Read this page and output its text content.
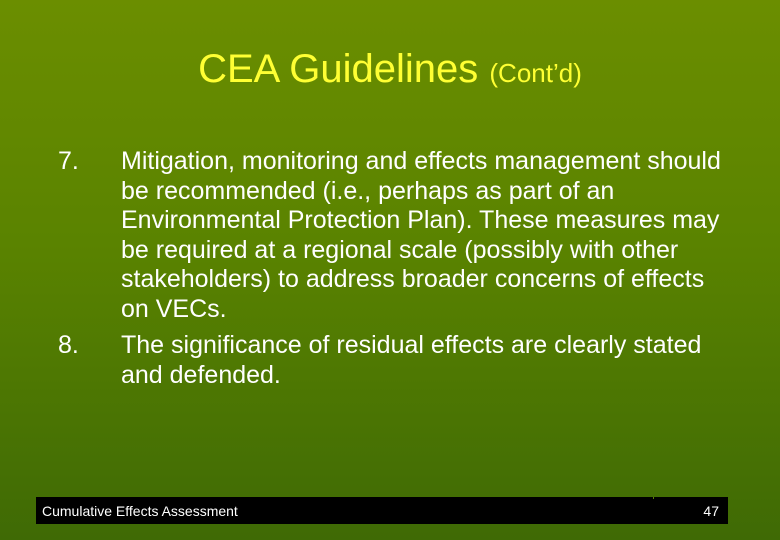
CEA Guidelines (Cont’d)
7.	Mitigation, monitoring and effects management should be recommended (i.e., perhaps as part of an Environmental Protection Plan). These measures may be required at a regional scale (possibly with other stakeholders) to address broader concerns of effects on VECs.
8.	The significance of residual effects are clearly stated and defended.
Cumulative Effects Assessment	47
